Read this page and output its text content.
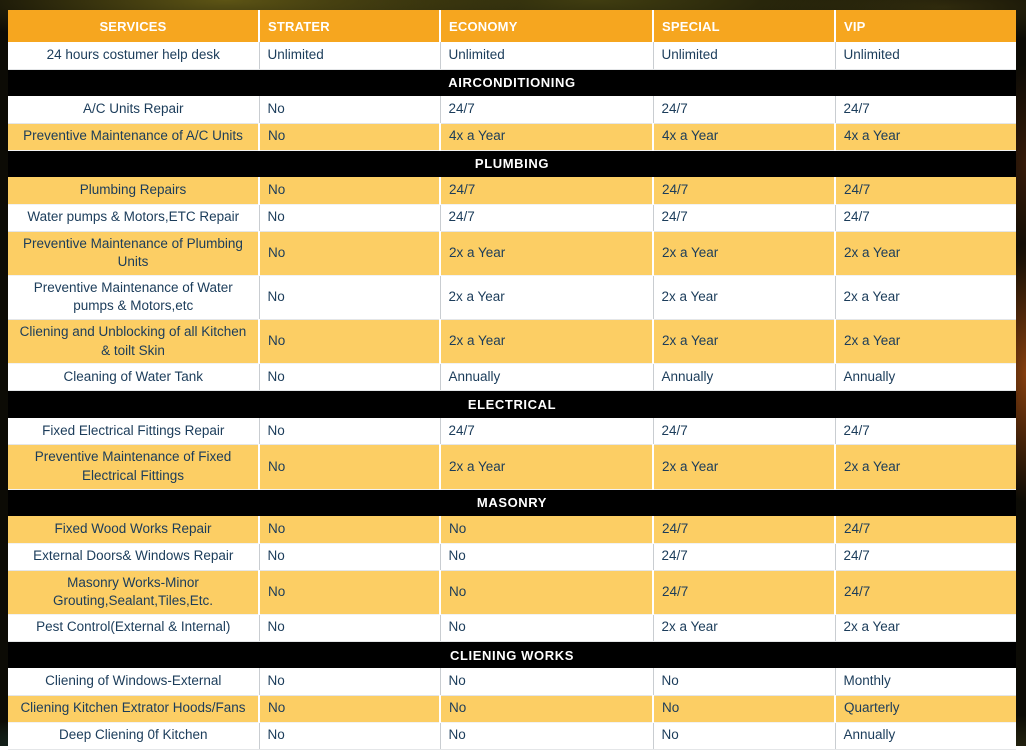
SERVICES	STRATER	ECONOMY	SPECIAL	VIP
24 hours costumer help desk	Unlimited	Unlimited	Unlimited	Unlimited
AIRCONDITIONING				
A/C Units Repair	No	24/7	24/7	24/7
Preventive Maintenance of A/C Units	No	4x a Year	4x a Year	4x a Year
PLUMBING				
Plumbing Repairs	No	24/7	24/7	24/7
Water pumps & Motors,ETC Repair	No	24/7	24/7	24/7
Preventive Maintenance of Plumbing Units	No	2x a Year	2x a Year	2x a Year
Preventive Maintenance of Water pumps & Motors,etc	No	2x a Year	2x a Year	2x a Year
Cliening and Unblocking of all Kitchen & toilt Skin	No	2x a Year	2x a Year	2x a Year
Cleaning of Water Tank	No	Annually	Annually	Annually
ELECTRICAL				
Fixed Electrical Fittings Repair	No	24/7	24/7	24/7
Preventive Maintenance of Fixed Electrical Fittings	No	2x a Year	2x a Year	2x a Year
MASONRY				
Fixed Wood Works Repair	No	No	24/7	24/7
External Doors& Windows Repair	No	No	24/7	24/7
Masonry Works-Minor Grouting,Sealant,Tiles,Etc.	No	No	24/7	24/7
Pest Control(External & Internal)	No	No	2x a Year	2x a Year
CLIENING WORKS				
Cliening of Windows-External	No	No	No	Monthly
Cliening Kitchen Extrator Hoods/Fans	No	No	No	Quarterly
Deep Cliening 0f Kitchen	No	No	No	Annually
